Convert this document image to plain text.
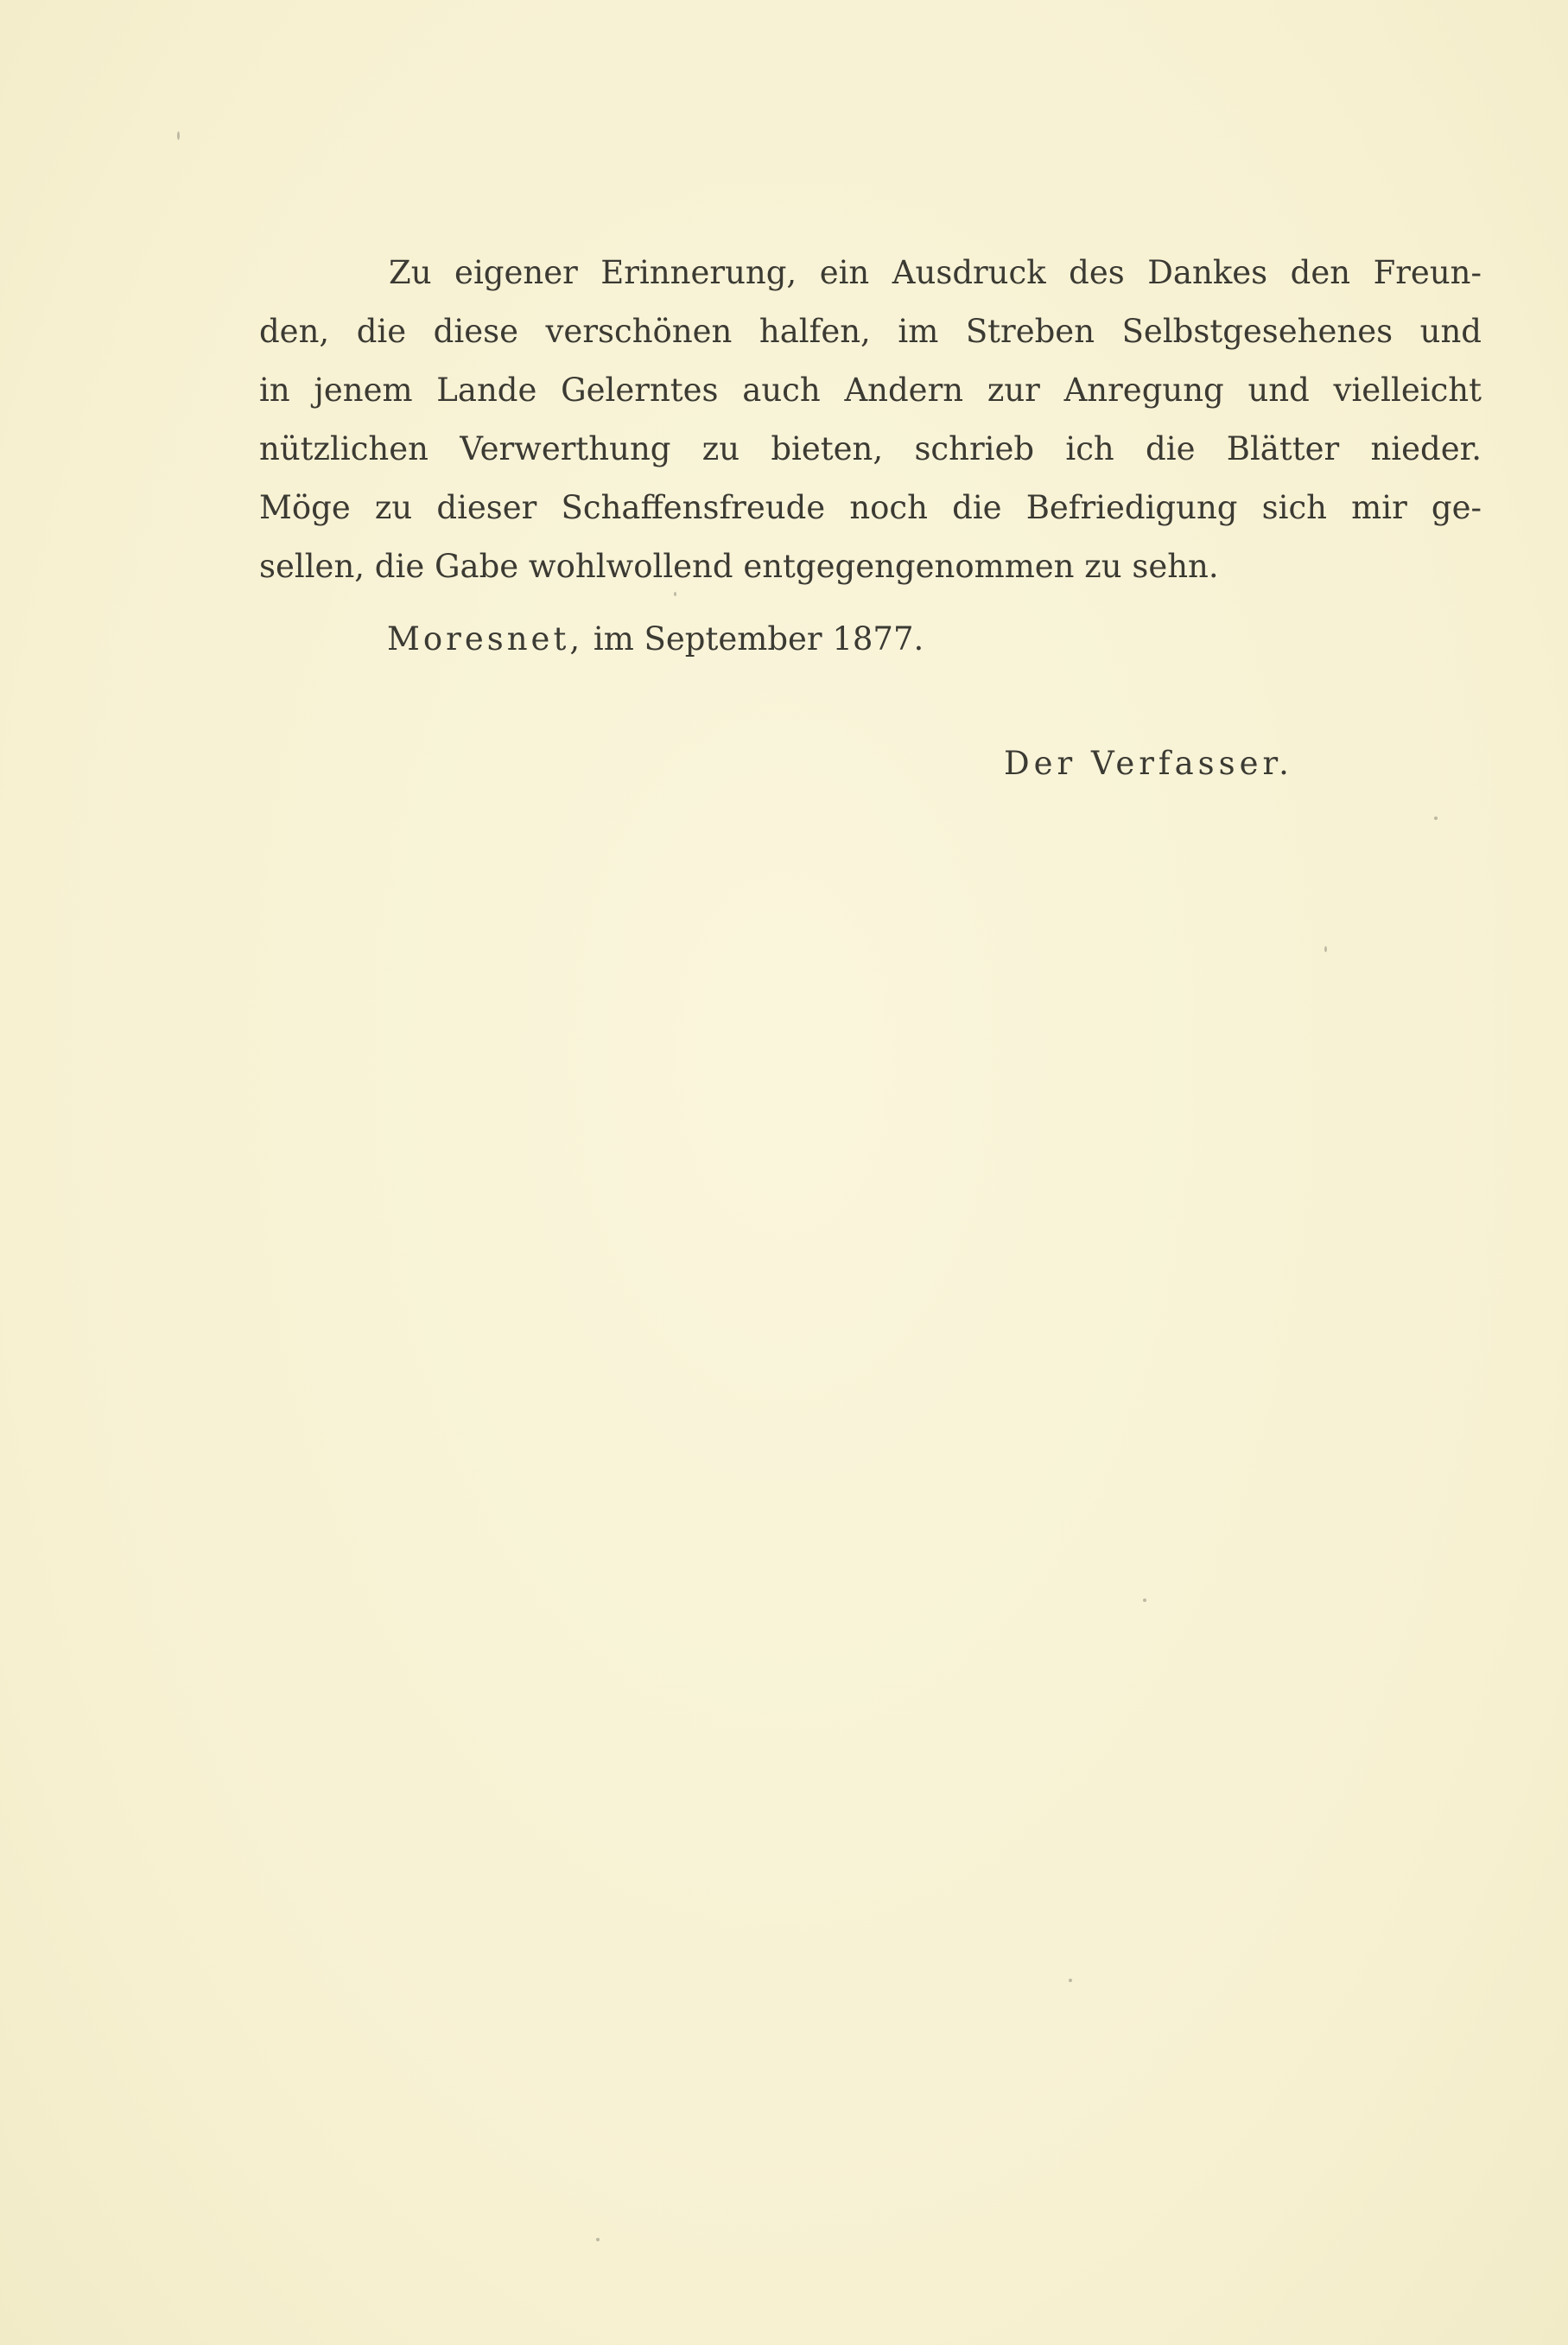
Zu eigener Erinnerung, ein Ausdruck des Dankes den Freun-
den, die diese verschönen halfen, im Streben Selbstgesehenes und
in jenem Lande Gelerntes auch Andern zur Anregung und vielleicht
nützlichen Verwerthung zu bieten, schrieb ich die Blätter nieder.
Möge zu dieser Schaffensfreude noch die Befriedigung sich mir ge-
sellen, die Gabe wohlwollend entgegengenommen zu sehn.
Moresnet, im September 1877.
Der Verfasser.
